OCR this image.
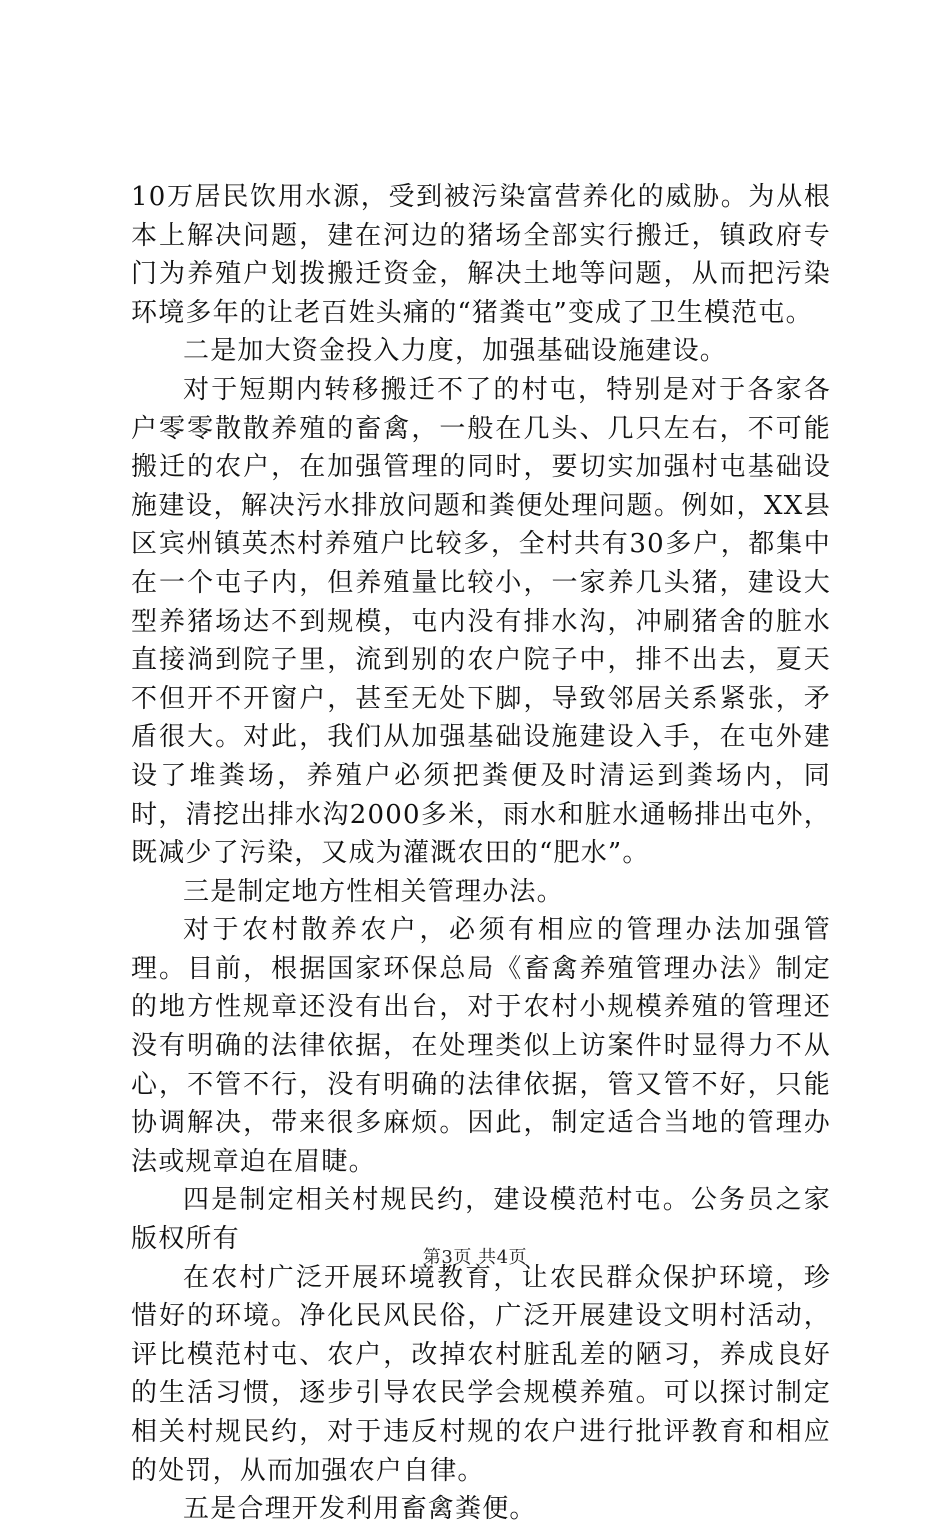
10万居民饮用水源，受到被污染富营养化的威胁。为从根本上解决问题，建在河边的猪场全部实行搬迁，镇政府专门为养殖户划拨搬迁资金，解决土地等问题，从而把污染环境多年的让老百姓头痛的“猪粪屯”变成了卫生模范屯。

二是加大资金投入力度，加强基础设施建设。

对于短期内转移搬迁不了的村屯，特别是对于各家各户零零散散养殖的畜禽，一般在几头、几只左右，不可能搬迁的农户，在加强管理的同时，要切实加强村屯基础设施建设，解决污水排放问题和粪便处理问题。例如，XX县区宾州镇英杰村养殖户比较多，全村共有30多户，都集中在一个屯子内，但养殖量比较小，一家养几头猪，建设大型养猪场达不到规模，屯内没有排水沟，冲刷猪舍的脏水直接淌到院子里，流到别的农户院子中，排不出去，夏天不但开不开窗户，甚至无处下脚，导致邻居关系紧张，矛盾很大。对此，我们从加强基础设施建设入手，在屯外建设了堆粪场，养殖户必须把粪便及时清运到粪场内，同时，清挖出排水沟2000多米，雨水和脏水通畅排出屯外，既减少了污染，又成为灌溉农田的“肥水”。

三是制定地方性相关管理办法。

对于农村散养农户，必须有相应的管理办法加强管理。目前，根据国家环保总局《畜禽养殖管理办法》制定的地方性规章还没有出台，对于农村小规模养殖的管理还没有明确的法律依据，在处理类似上访案件时显得力不从心，不管不行，没有明确的法律依据，管又管不好，只能协调解决，带来很多麻烦。因此，制定适合当地的管理办法或规章迫在眉睫。

四是制定相关村规民约，建设模范村屯。公务员之家版权所有

在农村广泛开展环境教育，让农民群众保护环境，珍惜好的环境。净化民风民俗，广泛开展建设文明村活动，评比模范村屯、农户，改掉农村脏乱差的陋习，养成良好的生活习惯，逐步引导农民学会规模养殖。可以探讨制定相关村规民约，对于违反村规的农户进行批评教育和相应的处罚，从而加强农户自律。

五是合理开发利用畜禽粪便。

第3页 共4页
